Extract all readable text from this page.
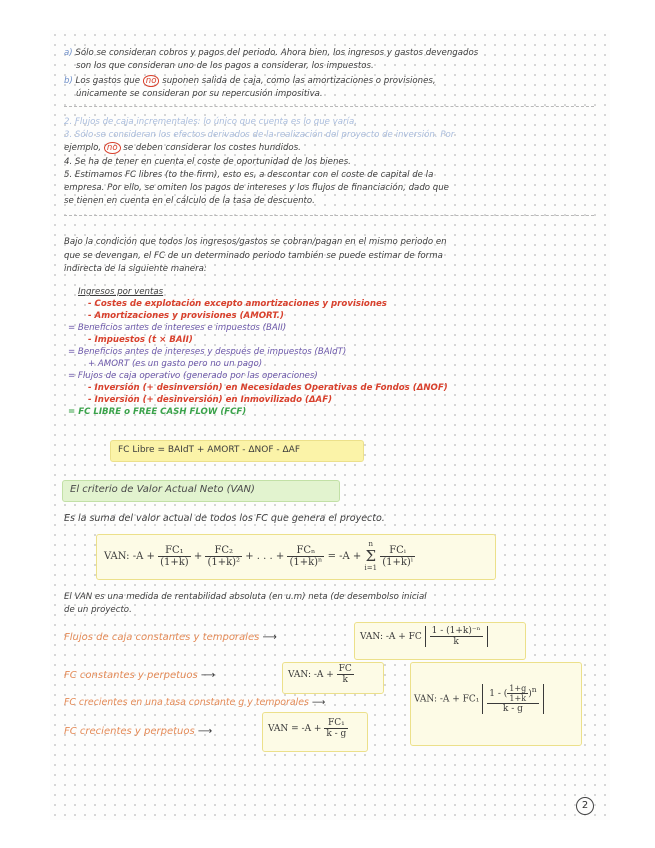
a) Sólo se consideran cobros y pagos del periodo. Ahora bien, los ingresos y gastos devengados
son los que consideran uno de los pagos a considerar, los impuestos.
b) Los gastos que no suponen salida de caja, como las amortizaciones o provisiones,
únicamente se consideran por su repercusión impositiva.
2. Flujos de caja incrementales: lo único que cuenta es lo que varía.
3. Sólo se consideran los efectos derivados de la realización del proyecto de inversión. Por
ejemplo, no se deben considerar los costes hundidos.
4. Se ha de tener en cuenta el coste de oportunidad de los bienes.
5. Estimamos FC libres (to the firm), esto es, a descontar con el coste de capital de la
empresa. Por ello, se omiten los pagos de intereses y los flujos de financiación, dado que
se tienen en cuenta en el cálculo de la tasa de descuento.
Bajo la condición que todos los ingresos/gastos se cobran/pagan en el mismo periodo en
que se devengan, el FC de un determinado periodo también se puede estimar de forma
indirecta de la siguiente manera:
Ingresos por ventas
- Costes de explotación excepto amortizaciones y provisiones
- Amortizaciones y provisiones (AMORT.)
= Beneficios antes de intereses e impuestos (BAII)
- Impuestos (t × BAII)
= Beneficios antes de intereses y después de impuestos (BAIdT)
+ AMORT (es un gasto pero no un pago)
= Flujos de caja operativo (generado por las operaciones)
- Inversión (+ desinversión) en Necesidades Operativas de Fondos (ΔNOF)
- Inversión (+ desinversión) en Inmovilizado (ΔAF)
= FC LIBRE o FREE CASH FLOW (FCF)
FC Libre = BAIdT + AMORT - ΔNOF - ΔAF
El criterio de Valor Actual Neto (VAN)
Es la suma del valor actual de todos los FC que genera el proyecto.
VAN: $-A + \frac{\text{FC₁}}{(1+k)} + \frac{\text{FC₂}}{\text{(1+k)²}}$ + . . . + $\frac{\text{FCₙ}}{\text{(1+k)ⁿ}} = -A$ +
n
Σ
i=1
$\frac{\text{FCᵢ}}{\text{(1+k)ⁱ}}$
El VAN es una medida de rentabilidad absoluta (en u.m) neta (de desembolso inicial
de un proyecto.
Flujos de caja constantes y temporales ⟶	VAN: -A + FC $\frac{\text{1 - (1+k)⁻ⁿ}}{k}$
FC constantes y perpetuos ⟶	VAN: $-A + \frac{FC}{k}$
FC crecientes en una tasa constante g y temporales ⟶	VAN: $-A + FC_1 \frac{1 - ( \frac{1+g}{1+k} )^n}{k - g}$
FC crecientes y perpetuos ⟶	VAN = $-A + \frac{\text{FC₁}}{k - g}$
2
